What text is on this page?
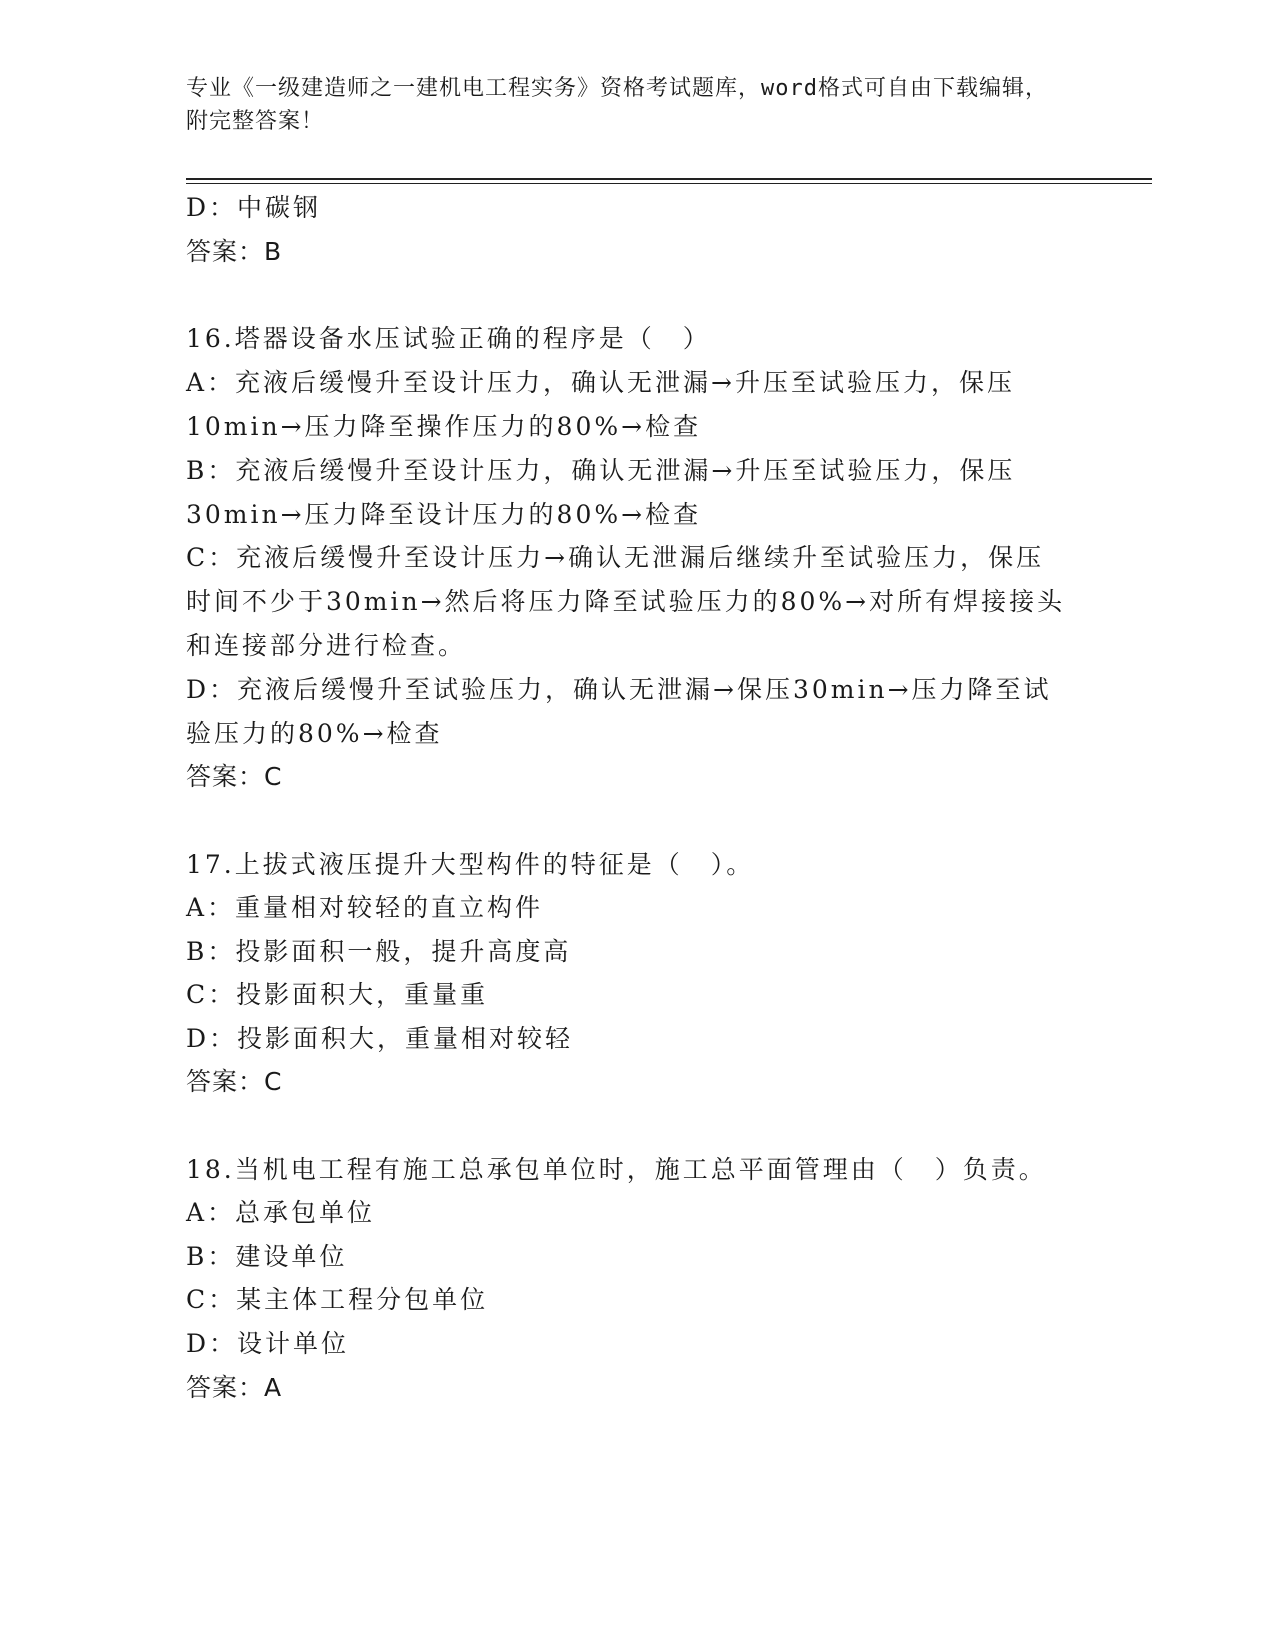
专业《一级建造师之一建机电工程实务》资格考试题库，word格式可自由下载编辑，附完整答案！
D：中碳钢
答案：B
16.塔器设备水压试验正确的程序是（　）
A：充液后缓慢升至设计压力，确认无泄漏→升压至试验压力，保压
10min→压力降至操作压力的80%→检查
B：充液后缓慢升至设计压力，确认无泄漏→升压至试验压力，保压
30min→压力降至设计压力的80%→检查
C：充液后缓慢升至设计压力→确认无泄漏后继续升至试验压力，保压
时间不少于30min→然后将压力降至试验压力的80%→对所有焊接接头
和连接部分进行检查。
D：充液后缓慢升至试验压力，确认无泄漏→保压30min→压力降至试
验压力的80%→检查
答案：C
17.上拔式液压提升大型构件的特征是（　）。
A：重量相对较轻的直立构件
B：投影面积一般，提升高度高
C：投影面积大，重量重
D：投影面积大，重量相对较轻
答案：C
18.当机电工程有施工总承包单位时，施工总平面管理由（　）负责。
A：总承包单位
B：建设单位
C：某主体工程分包单位
D：设计单位
答案：A
